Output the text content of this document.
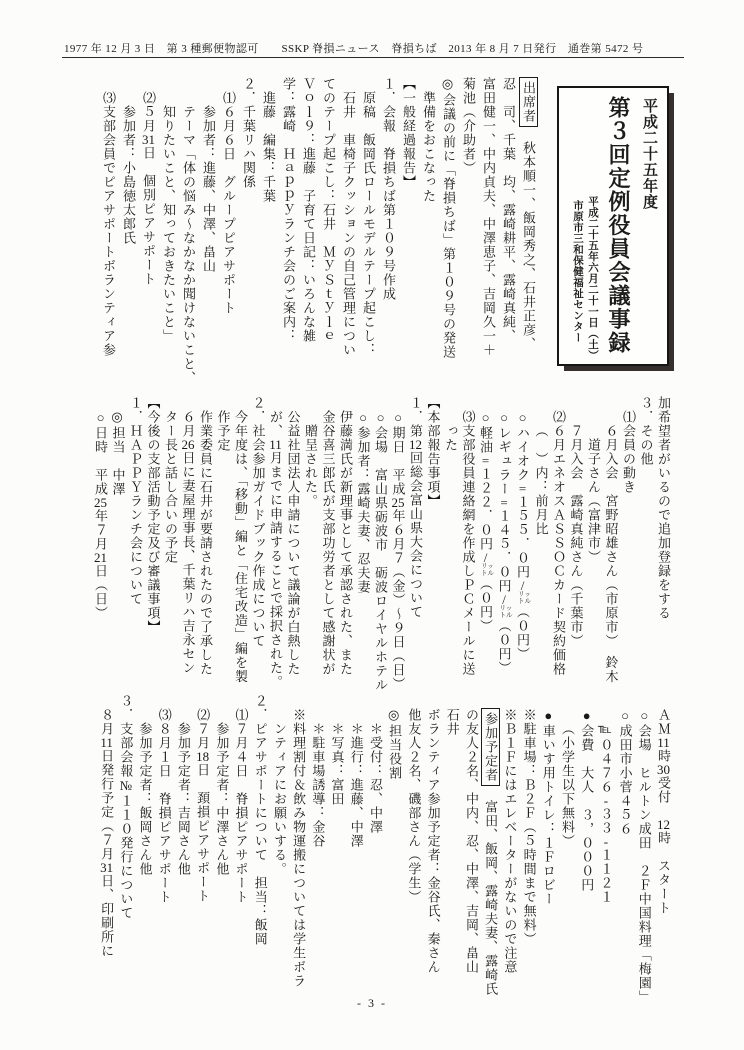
1977 年 12 月 3 日　第 3 種郵便物認可　　SSKP 脊損ニュース　脊損ちば　2013 年 8 月 7 日発行　通巻第 5472 号
平成二十五年度
第３回定例役員会議事録
平成二十五年六月二十一日（土）
市原市三和保健福祉センター
出席者　秋本順一、飯岡秀之、石井正彦、
忍　司、千葉　均、露崎耕平、露崎真純、
富田健一、中内貞夫、中澤恵子、吉岡久一＋
菊池（介助者）
◎会議の前に「脊損ちば」第１０９号の発送
準備をおこなった
【一般経過報告】
１．会報　脊損ちば第１０９号作成
原稿　飯岡氏ロールモデルテープ起こし：
石井　車椅子クッションの自己管理につい
てのテープ起こし：石井　ＭｙＳｔｙｌｅ
Ｖｏｌ９：進藤　子育て日記：いろんな雑
学：露崎　Ｈａｐｐｙランチ会のご案内：
進藤　編集：千葉
２．千葉リハ関係
⑴６月６日　グループピアサポート
参加者：進藤、中澤、畠山
テーマ「体の悩み〜なかなか聞けないこと、
知りたいこと、知っておきたいこと」
⑵５月31日　個別ピアサポート
参加者：小島徳太郎氏
⑶支部会員でピアサポートボランティア参
加希望者がいるので追加登録をする
３．その他
⑴会員の動き
６月入会　宮野昭雄さん（市原市）　鈴木
道子さん（富津市）
７月入会　露崎真純さん（千葉市）
⑵６月エネオスＡＳＳＯＣカード契約価格
（　）内：前月比
○ハイオク=１５５．０円/リッ
トル（０円）
○レギュラー=１４５．０円/リッ
トル（０円）
○軽油=１２２．０円/リッ
トル（０円）
⑶支部役員連絡網を作成しＰＣメールに送
った
【本部報告事項】
１．第12回総会富山県大会について
○期日　平成25年６月７（金）〜９日（日）
○会場　富山県砺波市　砺波ロイヤルホテル
○参加者：露崎夫妻、忍夫妻
伊藤満氏が新理事として承認された、また
金谷喜三郎氏が支部功労者として感謝状が
贈呈された。
公益社団法人申請について議論が白熱した
が、11月までに申請することで採択された。
２．社会参加ガイドブック作成について
今年度は、「移動」編と「住宅改造」編を製
作予定
作業委員に石井が要請されたので了承した
６月26日に妻屋理事長、千葉リハ吉永セン
ター長と話し合いの予定
【今後の支部活動予定及び審議事項】
１．ＨＡＰＰＹランチ会について
◎担当　中澤
○日時　平成25年７月21日（日）
ＡＭ11時30受付　12時　スタート
○会場　ヒルトン成田　２Ｆ中国料理「梅園」
○成田市小菅４５６
℡０４７６-３３-１１２１
●会費　大人　３，０００円
（小学生以下無料）
●車いす用トイレ：１Ｆロビー
※駐車場：Ｂ２Ｆ（５時間まで無料）
※Ｂ１Ｆにはエレベーターがないので注意
参加予定者　富田、飯岡、露崎夫妻、露崎氏
の友人２名、中内、忍、中澤、吉岡、畠山
石井
ボランティア参加予定者：金谷氏、秦さん
他友人２名、磯部さん（学生）
◎担当役割
＊受付：忍、中澤
＊進行：進藤、中澤
＊写真：富田
＊駐車場誘導：金谷
※料理割付＆飲み物運搬については学生ボラ
ンティアにお願いする。
２．ピアサポートについて　担当：飯岡
⑴７月４日　脊損ピアサポート
参加予定者：中澤さん他
⑵７月18日　頚損ピアサポート
参加予定者：吉岡さん他
⑶８月１日　脊損ピアサポート
参加予定者：飯岡さん他
３．支部会報№１１０発行について
８月11日発行予定（７月31日、印刷所に
- 3 -
